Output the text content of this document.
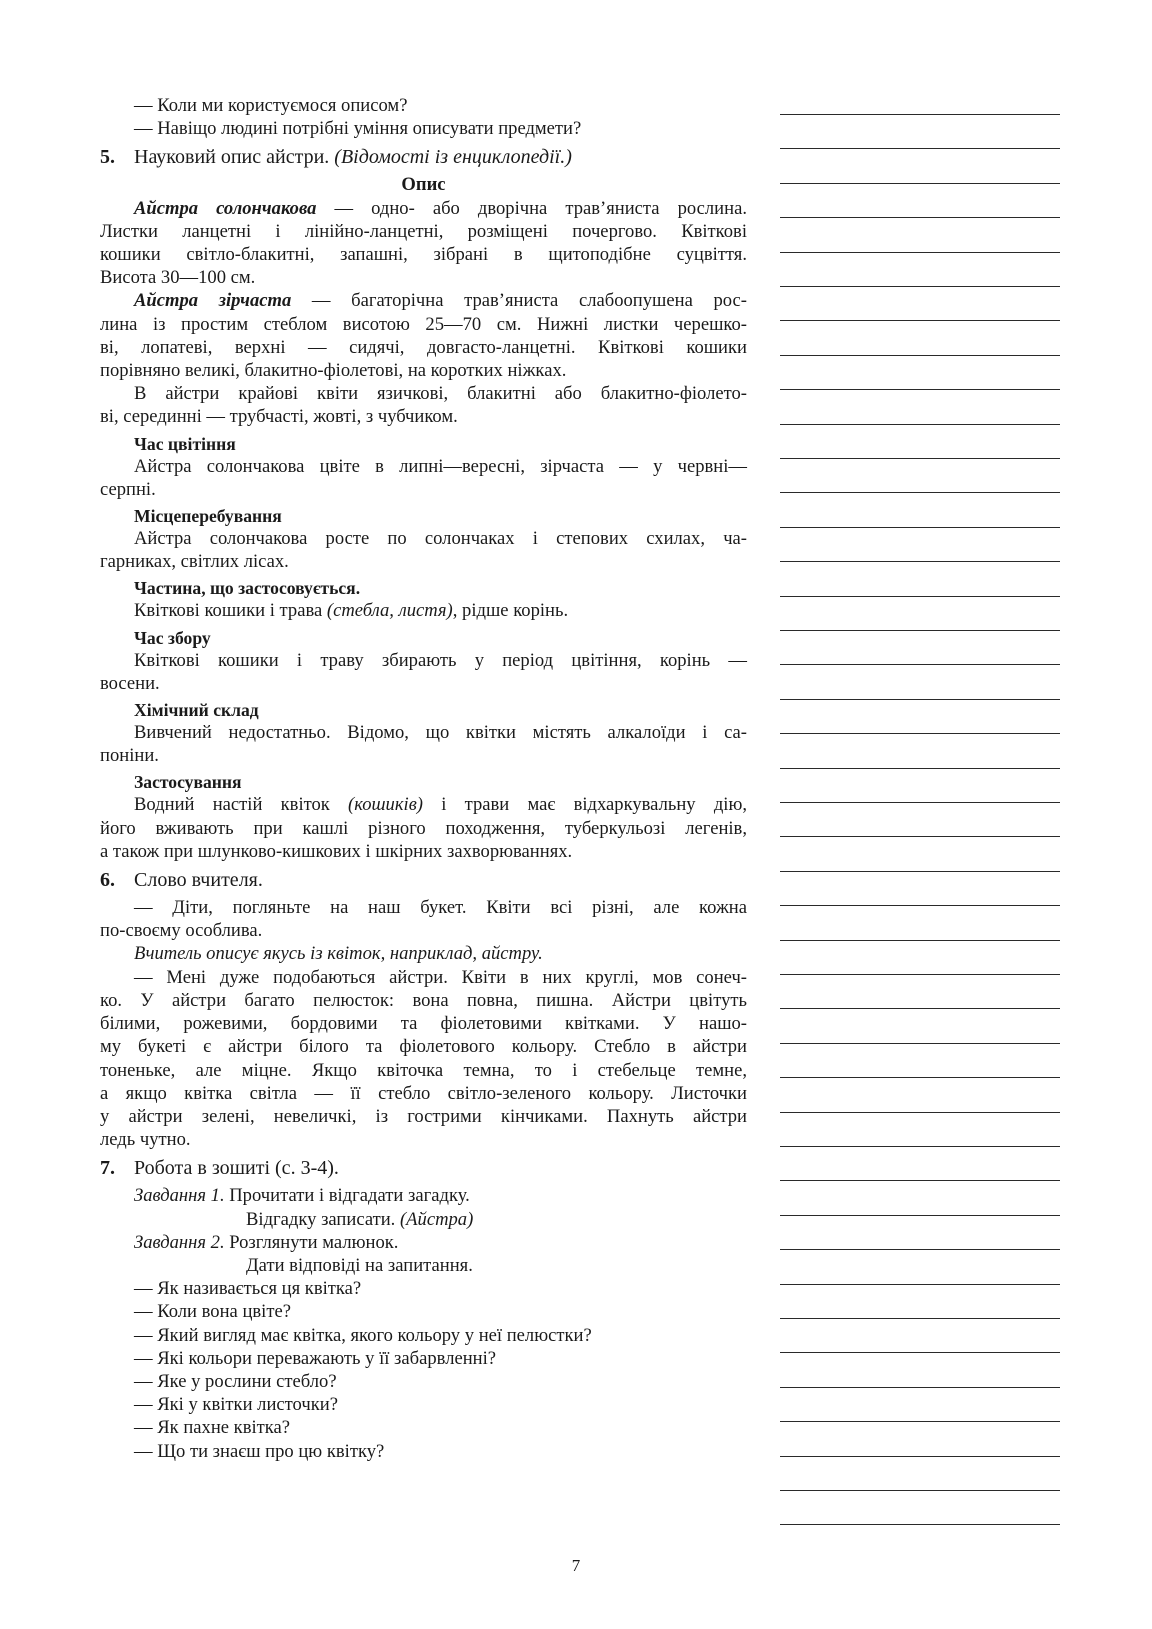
— Коли ми користуємося описом?
— Навіщо людині потрібні уміння описувати предмети?
5. Науковий опис айстри. (Відомості із енциклопедії.)
Опис
Айстра солончакова — одно- або дворічна трав’яниста рослина.
Листки ланцетні і лінійно-ланцетні, розміщені почергово. Квіткові
кошики світло-блакитні, запашні, зібрані в щитоподібне суцвіття.
Висота 30—100 см.
Айстра зірчаста — багаторічна трав’яниста слабоопушена рос-
лина із простим стеблом висотою 25—70 см. Нижні листки черешко-
ві, лопатеві, верхні — сидячі, довгасто-ланцетні. Квіткові кошики
порівняно великі, блакитно-фіолетові, на коротких ніжках.
В айстри крайові квіти язичкові, блакитні або блакитно-фіолето-
ві, серединні — трубчасті, жовті, з чубчиком.
Час цвітіння
Айстра солончакова цвіте в липні—вересні, зірчаста — у червні—
серпні.
Місцеперебування
Айстра солончакова росте по солончаках і степових схилах, ча-
гарниках, світлих лісах.
Частина, що застосовується.
Квіткові кошики і трава (стебла, листя), рідше корінь.
Час збору
Квіткові кошики і траву збирають у період цвітіння, корінь —
восени.
Хімічний склад
Вивчений недостатньо. Відомо, що квітки містять алкалоїди і са-
поніни.
Застосування
Водний настій квіток (кошиків) і трави має відхаркувальну дію,
його вживають при кашлі різного походження, туберкульозі легенів,
а також при шлунково-кишкових і шкірних захворюваннях.
6. Слово вчителя.
— Діти, погляньте на наш букет. Квіти всі різні, але кожна
по-своєму особлива.
Вчитель описує якусь із квіток, наприклад, айстру.
— Мені дуже подобаються айстри. Квіти в них круглі, мов сонеч-
ко. У айстри багато пелюсток: вона повна, пишна. Айстри цвітуть
білими, рожевими, бордовими та фіолетовими квітками. У нашо-
му букеті є айстри білого та фіолетового кольору. Стебло в айстри
тоненьке, але міцне. Якщо квіточка темна, то і стебельце темне,
а якщо квітка світла — її стебло світло-зеленого кольору. Листочки
у айстри зелені, невеличкі, із гострими кінчиками. Пахнуть айстри
ледь чутно.
7. Робота в зошиті (с. 3-4).
Завдання 1. Прочитати і відгадати загадку.
Відгадку записати. (Айстра)
Завдання 2. Розглянути малюнок.
Дати відповіді на запитання.
— Як називається ця квітка?
— Коли вона цвіте?
— Який вигляд має квітка, якого кольору у неї пелюстки?
— Які кольори переважають у її забарвленні?
— Яке у рослини стебло?
— Які у квітки листочки?
— Як пахне квітка?
— Що ти знаєш про цю квітку?
7
